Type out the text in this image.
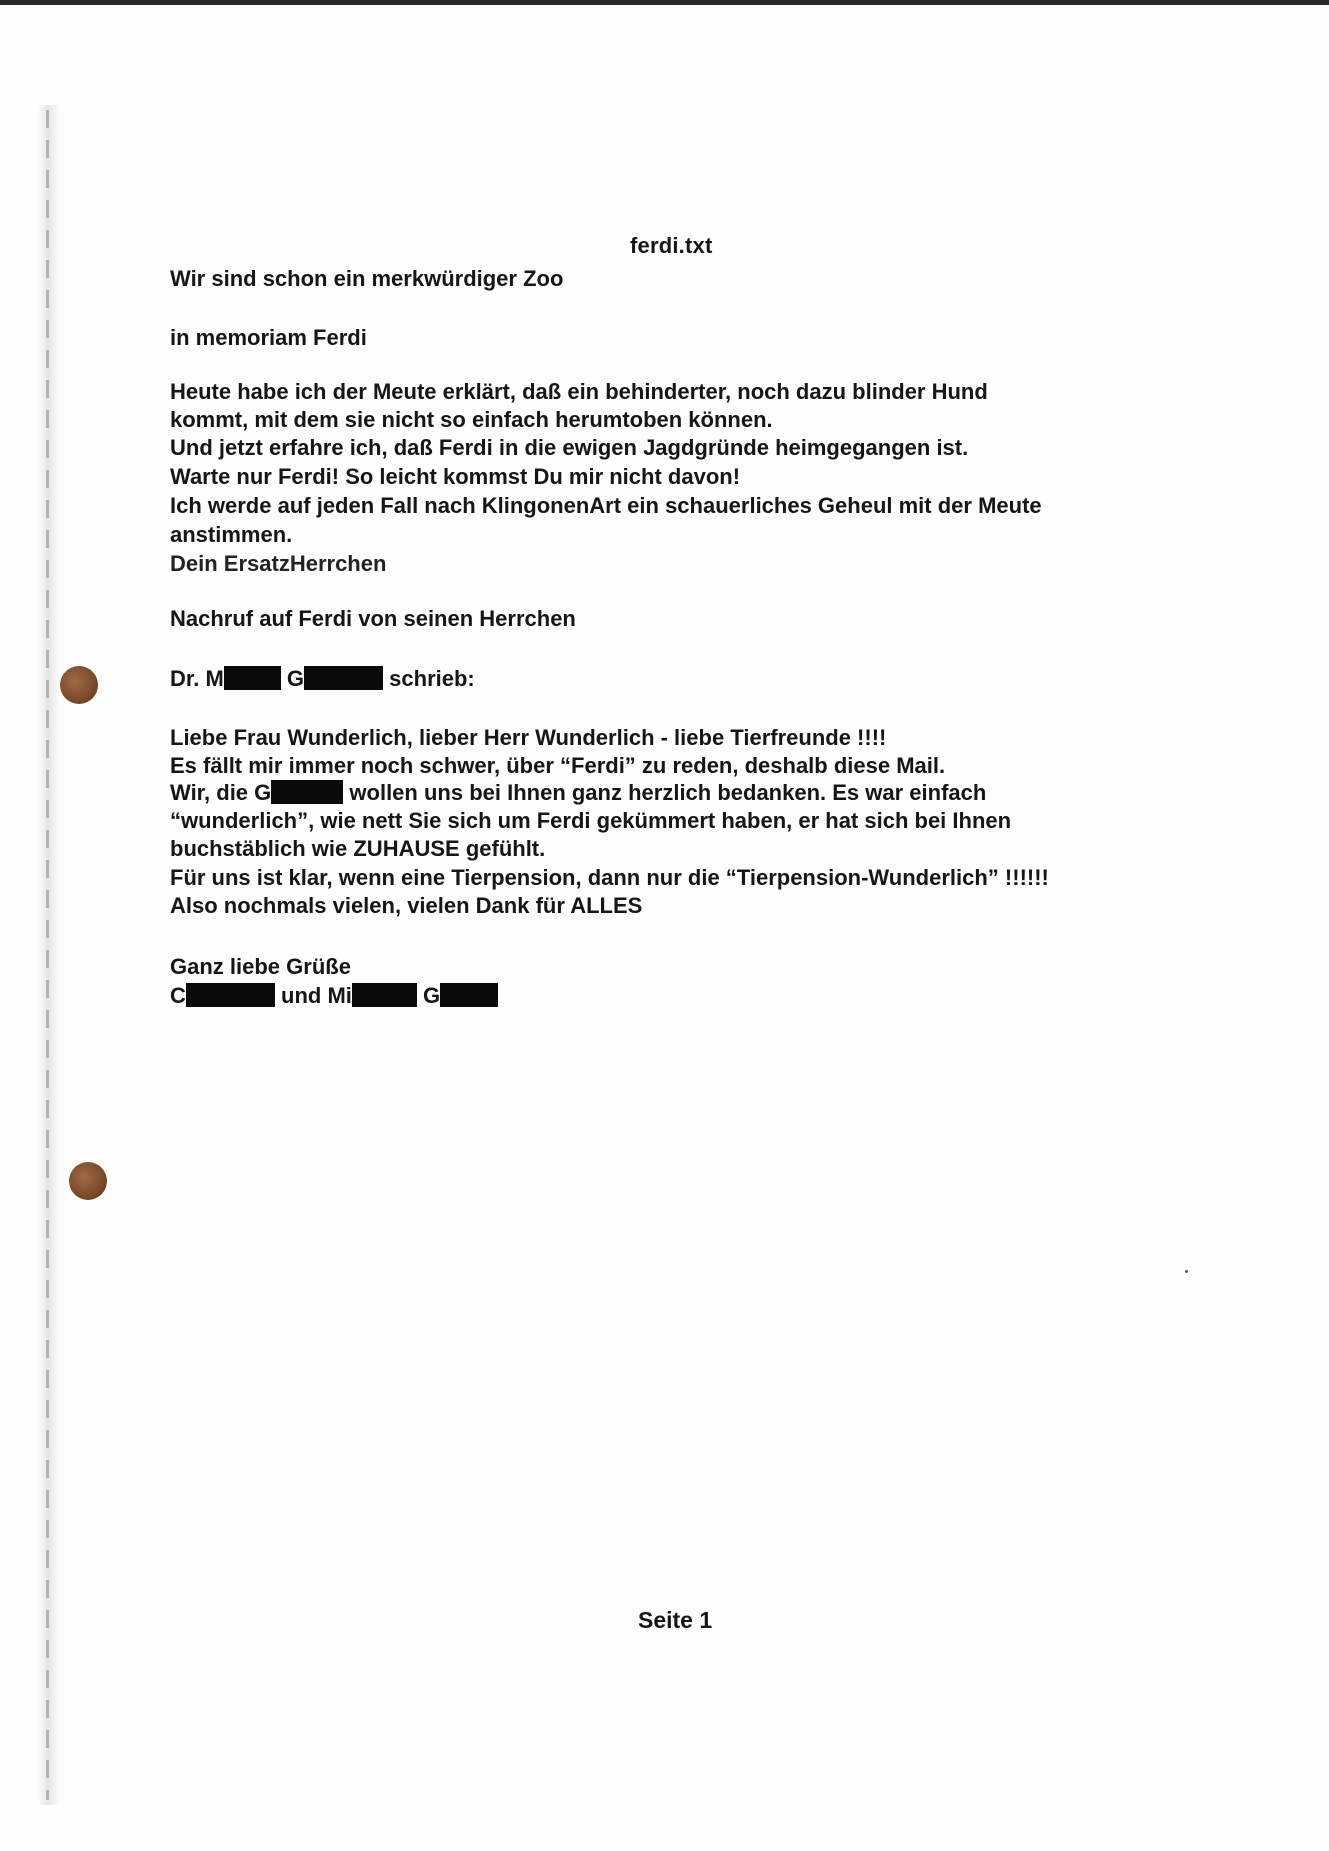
ferdi.txt
Wir sind schon ein merkwürdiger Zoo
in memoriam Ferdi
Heute habe ich der Meute erklärt, daß ein behinderter, noch dazu blinder Hund
kommt, mit dem sie nicht so einfach herumtoben können.
Und jetzt erfahre ich, daß Ferdi in die ewigen Jagdgründe heimgegangen ist.
Warte nur Ferdi! So leicht kommst Du mir nicht davon!
Ich werde auf jeden Fall nach KlingonenArt ein schauerliches Geheul mit der Meute
anstimmen.
Dein ErsatzHerrchen
Nachruf auf Ferdi von seinen Herrchen
Dr. M	G	schrieb:
Liebe Frau Wunderlich, lieber Herr Wunderlich - liebe Tierfreunde !!!!
Es fällt mir immer noch schwer, über “Ferdi” zu reden, deshalb diese Mail.
Wir, die G	wollen uns bei Ihnen ganz herzlich bedanken. Es war einfach
“wunderlich”, wie nett Sie sich um Ferdi gekümmert haben, er hat sich bei Ihnen
buchstäblich wie ZUHAUSE gefühlt.
Für uns ist klar, wenn eine Tierpension, dann nur die “Tierpension-Wunderlich” !!!!!!
Also nochmals vielen, vielen Dank für ALLES
Ganz liebe Grüße
C	und Mi	G
Seite 1
